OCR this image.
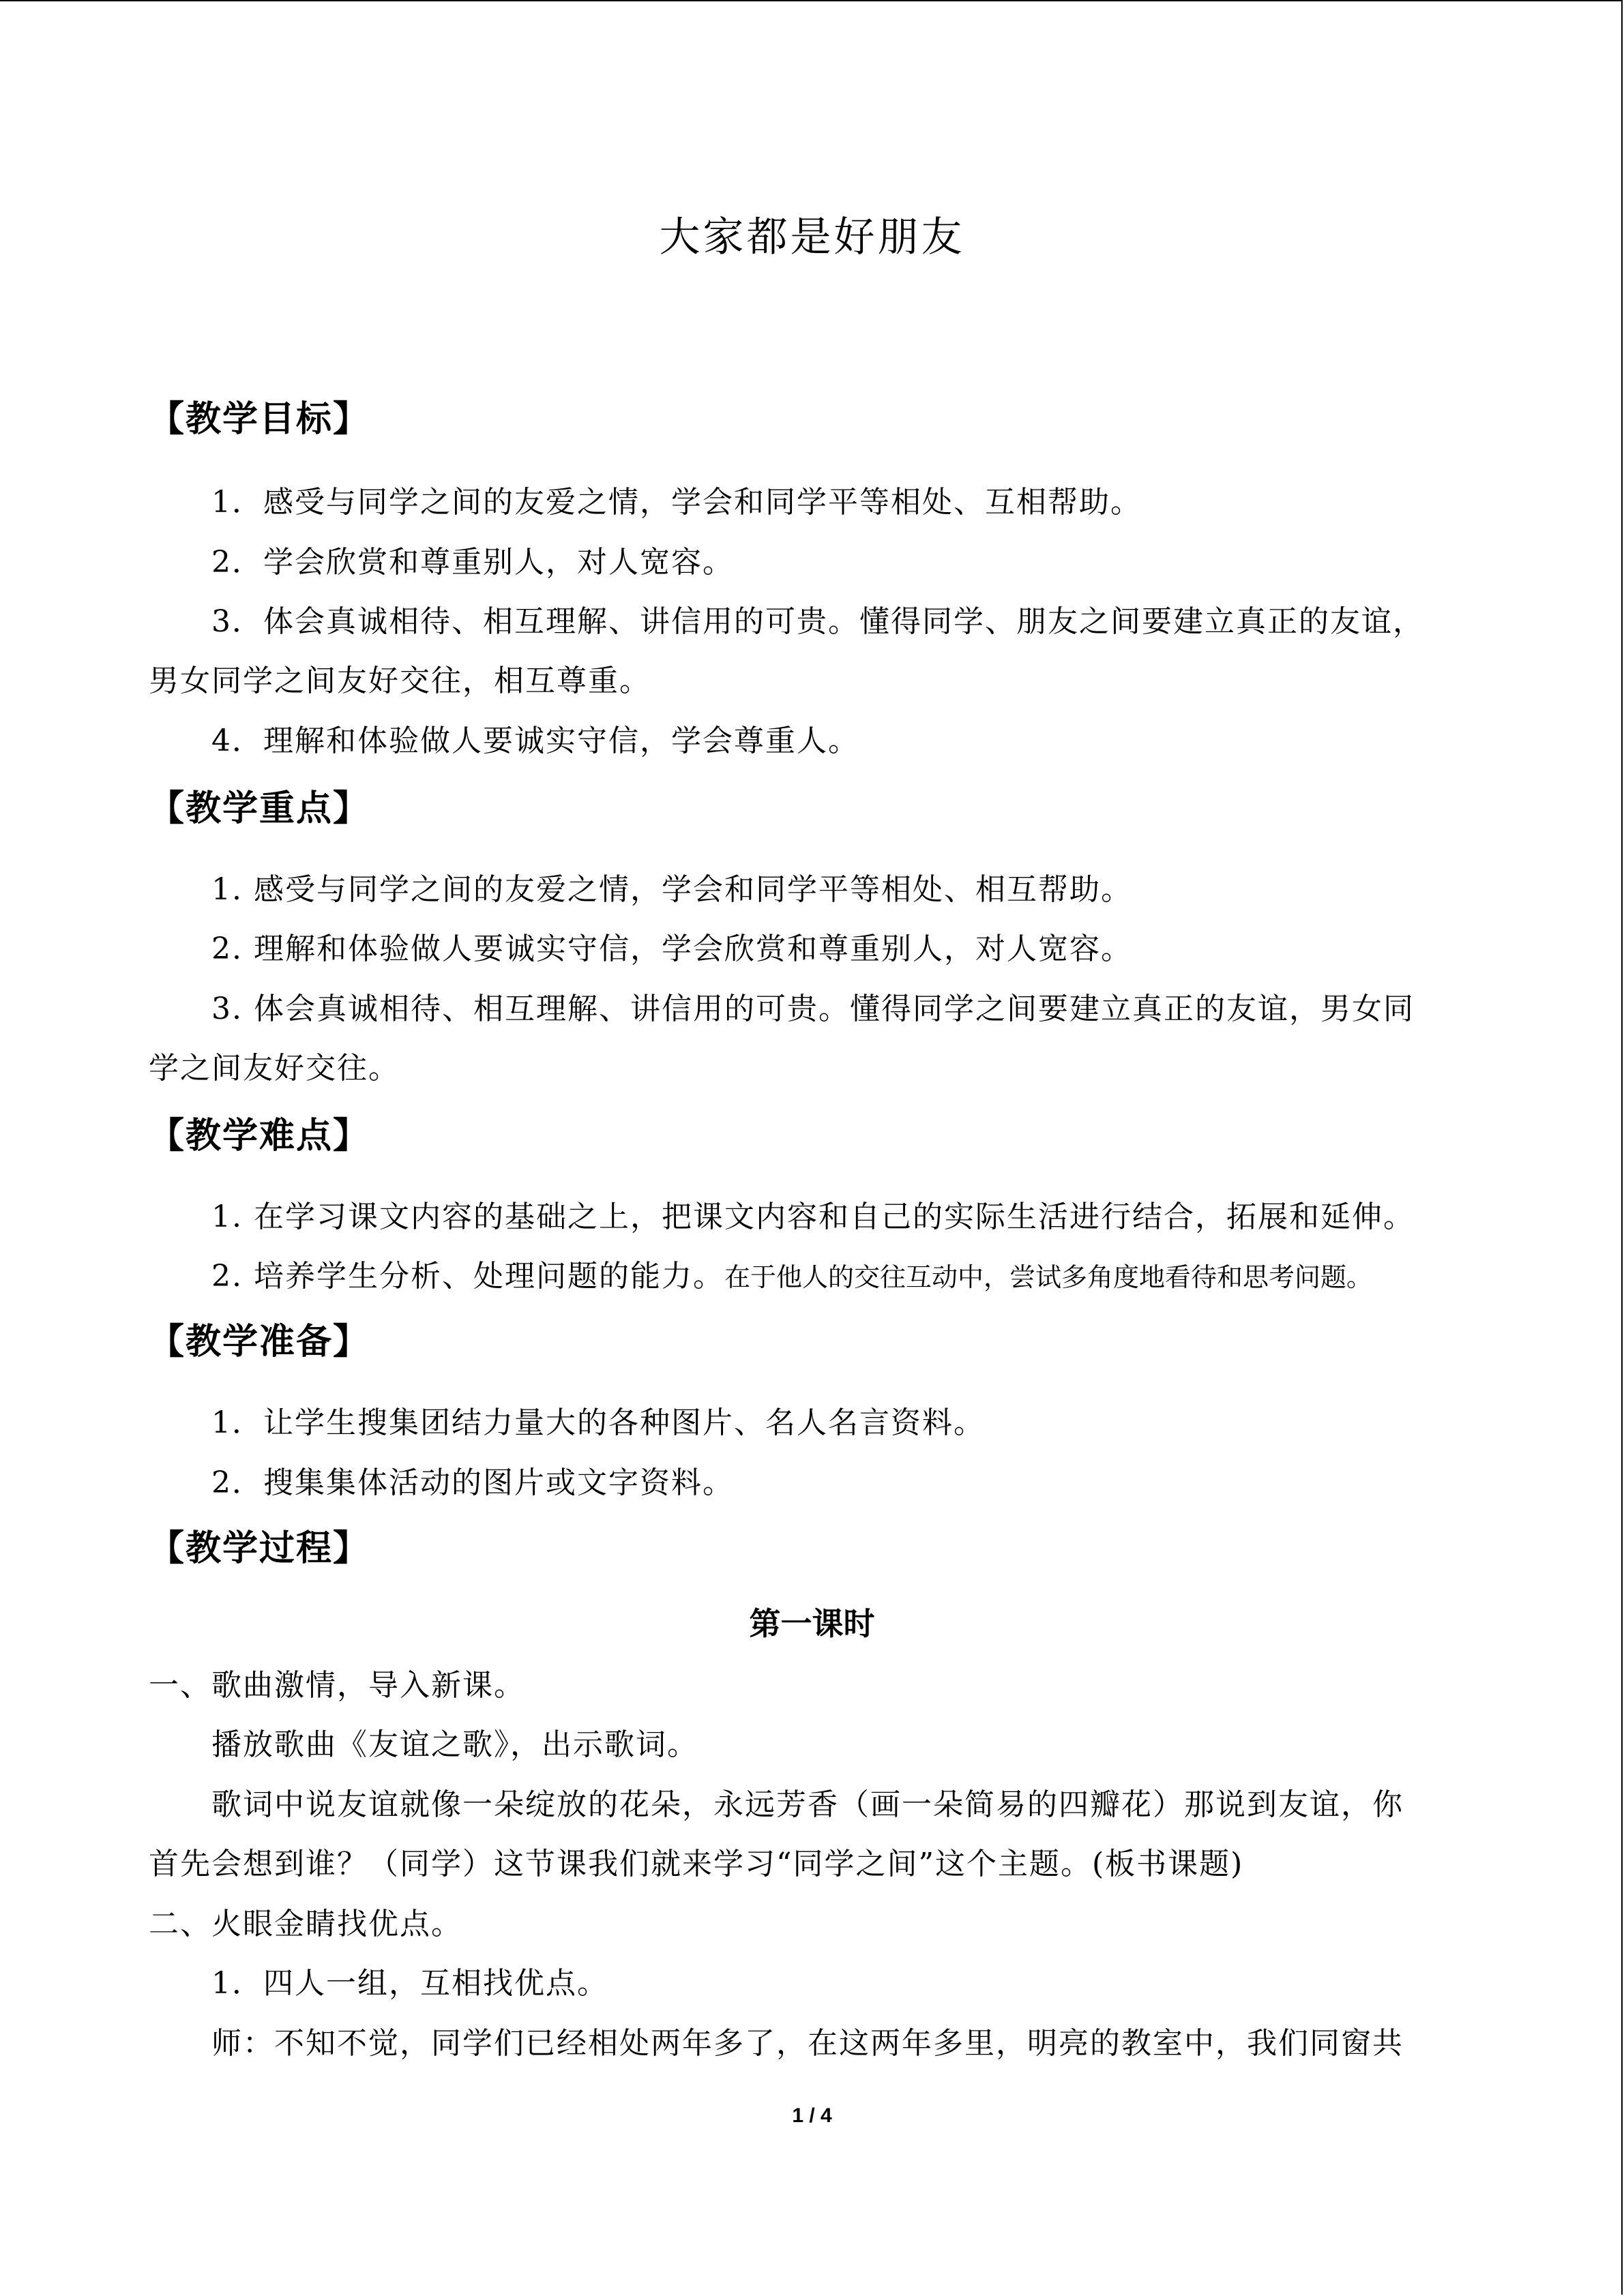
大家都是好朋友
【教学目标】
1．感受与同学之间的友爱之情，学会和同学平等相处、互相帮助。
2．学会欣赏和尊重别人，对人宽容。
3．体会真诚相待、相互理解、讲信用的可贵。懂得同学、朋友之间要建立真正的友谊，
男女同学之间友好交往，相互尊重。
4．理解和体验做人要诚实守信，学会尊重人。
【教学重点】
1. 感受与同学之间的友爱之情，学会和同学平等相处、相互帮助。
2. 理解和体验做人要诚实守信，学会欣赏和尊重别人，对人宽容。
3. 体会真诚相待、相互理解、讲信用的可贵。懂得同学之间要建立真正的友谊，男女同
学之间友好交往。
【教学难点】
1. 在学习课文内容的基础之上，把课文内容和自己的实际生活进行结合，拓展和延伸。
2. 培养学生分析、处理问题的能力。在于他人的交往互动中，尝试多角度地看待和思考问题。
【教学准备】
1．让学生搜集团结力量大的各种图片、名人名言资料。
2．搜集集体活动的图片或文字资料。
【教学过程】
第一课时
一、歌曲激情，导入新课。
播放歌曲《友谊之歌》，出示歌词。
歌词中说友谊就像一朵绽放的花朵，永远芳香（画一朵简易的四瓣花）那说到友谊，你
首先会想到谁？（同学）这节课我们就来学习“同学之间”这个主题。(板书课题)
二、火眼金睛找优点。
1．四人一组，互相找优点。
师：不知不觉，同学们已经相处两年多了，在这两年多里，明亮的教室中，我们同窗共
1 / 4
